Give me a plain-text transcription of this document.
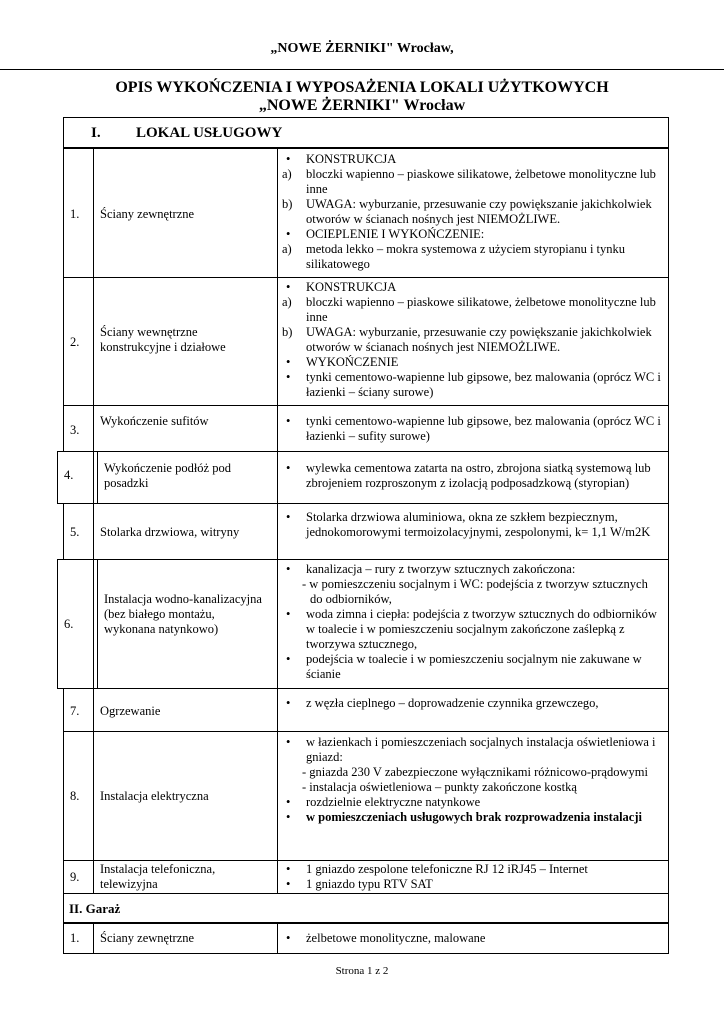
„NOWE ŻERNIKI" Wrocław,
OPIS WYKOŃCZENIA I WYPOSAŻENIA LOKALI UŻYTKOWYCH
„NOWE ŻERNIKI" Wrocław
I. LOKAL USŁUGOWY
1.	Ściany zewnętrzne
• KONSTRUKCJA
a) bloczki wapienno – piaskowe silikatowe, żelbetowe monolityczne lub inne
b) UWAGA: wyburzanie, przesuwanie czy powiększanie jakichkolwiek otworów w ścianach nośnych jest NIEMOŻLIWE.
• OCIEPLENIE I WYKOŃCZENIE:
a) metoda lekko – mokra systemowa z użyciem styropianu i tynku silikatowego
2.
Ściany wewnętrzne konstrukcyjne i działowe
• KONSTRUKCJA
a) bloczki wapienno – piaskowe silikatowe, żelbetowe monolityczne lub inne
b) UWAGA: wyburzanie, przesuwanie czy powiększanie jakichkolwiek otworów w ścianach nośnych jest NIEMOŻLIWE.
• WYKOŃCZENIE
• tynki cementowo-wapienne lub gipsowe, bez malowania (oprócz WC i łazienki – ściany surowe)
3.
Wykończenie sufitów	• tynki cementowo-wapienne lub gipsowe, bez malowania (oprócz WC i łazienki – sufity surowe)
4.	Wykończenie podłóż pod posadzki
• wylewka cementowa zatarta na ostro, zbrojona siatką systemową lub zbrojeniem rozproszonym z izolacją podposadzkową (styropian)
5.	Stolarka drzwiowa, witryny
• Stolarka drzwiowa aluminiowa, okna ze szkłem bezpiecznym, jednokomorowymi termoizolacyjnymi, zespolonymi, k= 1,1 W/m2K
6.
Instalacja wodno-kanalizacyjna (bez białego montażu, wykonana natynkowo)
• kanalizacja – rury z tworzyw sztucznych zakończona:
- w pomieszczeniu socjalnym i WC: podejścia z tworzyw sztucznych do odbiorników,
• woda zimna i ciepła: podejścia z tworzyw sztucznych do odbiorników w toalecie i w pomieszczeniu socjalnym zakończone zaślepką z tworzywa sztucznego,
• podejścia w toalecie i w pomieszczeniu socjalnym nie zakuwane w ścianie
7.	Ogrzewanie
• z węzła cieplnego – doprowadzenie czynnika grzewczego,
8.	Instalacja elektryczna
• w łazienkach i pomieszczeniach socjalnych instalacja oświetleniowa i gniazd:
- gniazda 230 V zabezpieczone wyłącznikami różnicowo-prądowymi
- instalacja oświetleniowa – punkty zakończone kostką
• rozdzielnie elektryczne natynkowe
• w pomieszczeniach usługowych brak rozprowadzenia instalacji
9.
Instalacja telefoniczna, telewizyjna
• 1 gniazdo zespolone telefoniczne RJ 12 iRJ45 – Internet
• 1 gniazdo typu RTV SAT
II. Garaż
1.	Ściany zewnętrzne	• żelbetowe monolityczne, malowane
Strona 1 z 2
